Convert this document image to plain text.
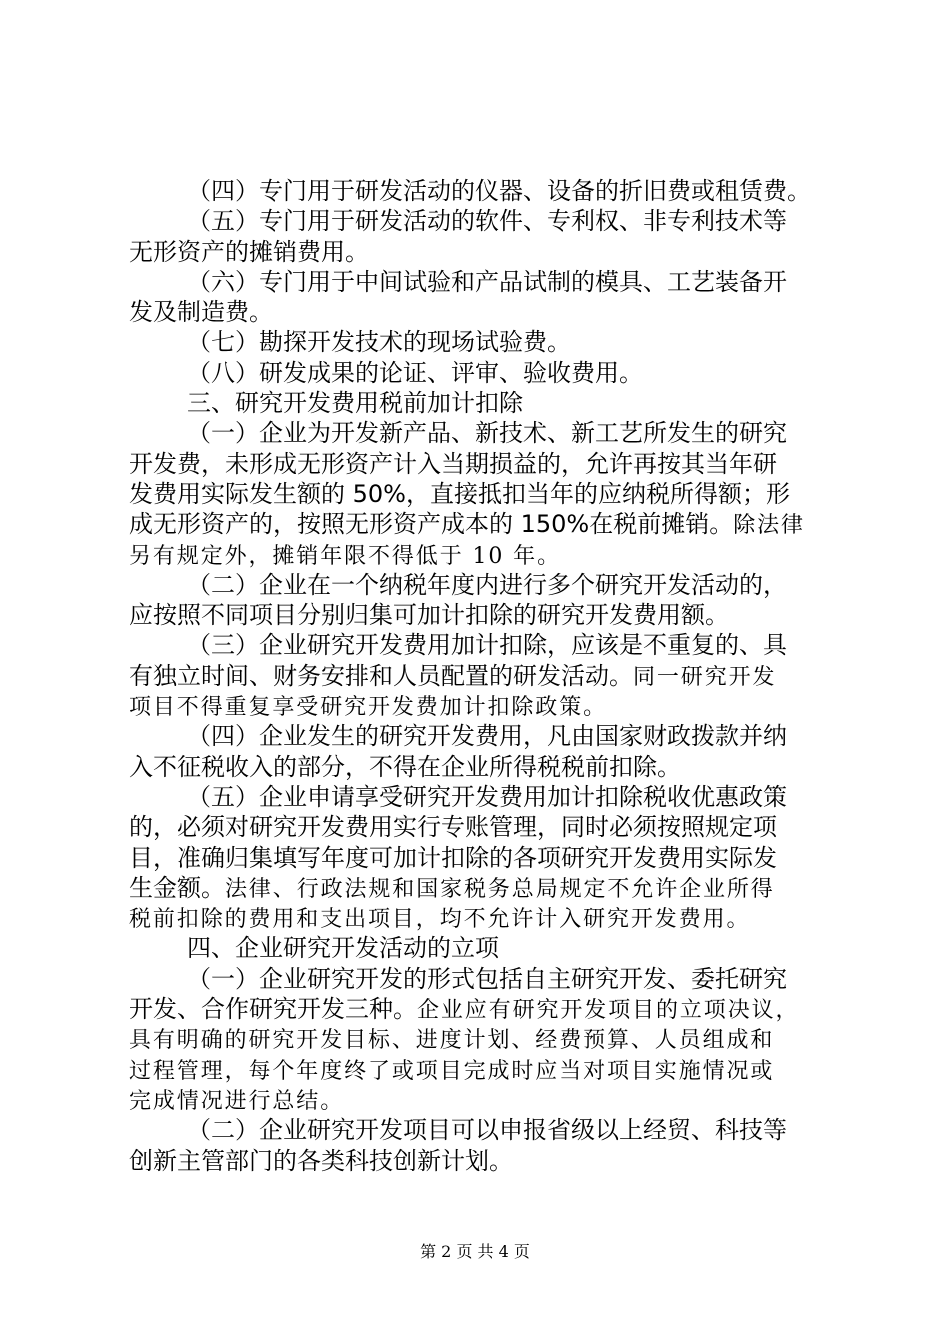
（四）专门用于研发活动的仪器、设备的折旧费或租赁费。
（五）专门用于研发活动的软件、专利权、非专利技术等
无形资产的摊销费用。
（六）专门用于中间试验和产品试制的模具、工艺装备开
发及制造费。
（七）勘探开发技术的现场试验费。
（八）研发成果的论证、评审、验收费用。
三、研究开发费用税前加计扣除
（一）企业为开发新产品、新技术、新工艺所发生的研究
开发费，未形成无形资产计入当期损益的，允许再按其当年研
发费用实际发生额的 50%，直接抵扣当年的应纳税所得额；形
成无形资产的，按照无形资产成本的 150%在税前摊销。除法律
另有规定外，摊销年限不得低于 10 年。
（二）企业在一个纳税年度内进行多个研究开发活动的，
应按照不同项目分别归集可加计扣除的研究开发费用额。
（三）企业研究开发费用加计扣除，应该是不重复的、具
有独立时间、财务安排和人员配置的研发活动。同一研究开发
项目不得重复享受研究开发费加计扣除政策。
（四）企业发生的研究开发费用，凡由国家财政拨款并纳
入不征税收入的部分，不得在企业所得税税前扣除。
（五）企业申请享受研究开发费用加计扣除税收优惠政策
的，必须对研究开发费用实行专账管理，同时必须按照规定项
目，准确归集填写年度可加计扣除的各项研究开发费用实际发
生金额。法律、行政法规和国家税务总局规定不允许企业所得
税前扣除的费用和支出项目，均不允许计入研究开发费用。
四、企业研究开发活动的立项
（一）企业研究开发的形式包括自主研究开发、委托研究
开发、合作研究开发三种。企业应有研究开发项目的立项决议，
具有明确的研究开发目标、进度计划、经费预算、人员组成和
过程管理，每个年度终了或项目完成时应当对项目实施情况或
完成情况进行总结。
（二）企业研究开发项目可以申报省级以上经贸、科技等
创新主管部门的各类科技创新计划。
第 2 页 共 4 页
